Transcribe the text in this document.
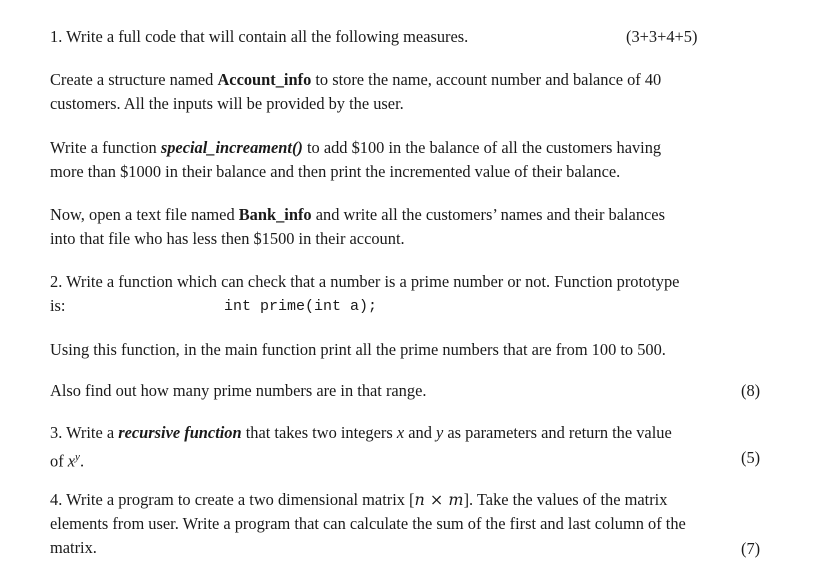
1. Write a full code that will contain all the following measures.	(3+3+4+5)
Create a structure named Account_info to store the name, account number and balance of 40
customers. All the inputs will be provided by the user.
Write a function special_increament() to add $100 in the balance of all the customers having
more than $1000 in their balance and then print the incremented value of their balance.
Now, open a text file named Bank_info and write all the customers’ names and their balances
into that file who has less then $1500 in their account.
2. Write a function which can check that a number is a prime number or not. Function prototype
is:	int prime(int a);
Using this function, in the main function print all the prime numbers that are from 100 to 500.
Also find out how many prime numbers are in that range.	(8)
3. Write a recursive function that takes two integers x and y as parameters and return the value
of $x^y$.	(5)
4. Write a program to create a two dimensional matrix [n × m]. Take the values of the matrix
elements from user. Write a program that can calculate the sum of the first and last column of the
matrix.	(7)
